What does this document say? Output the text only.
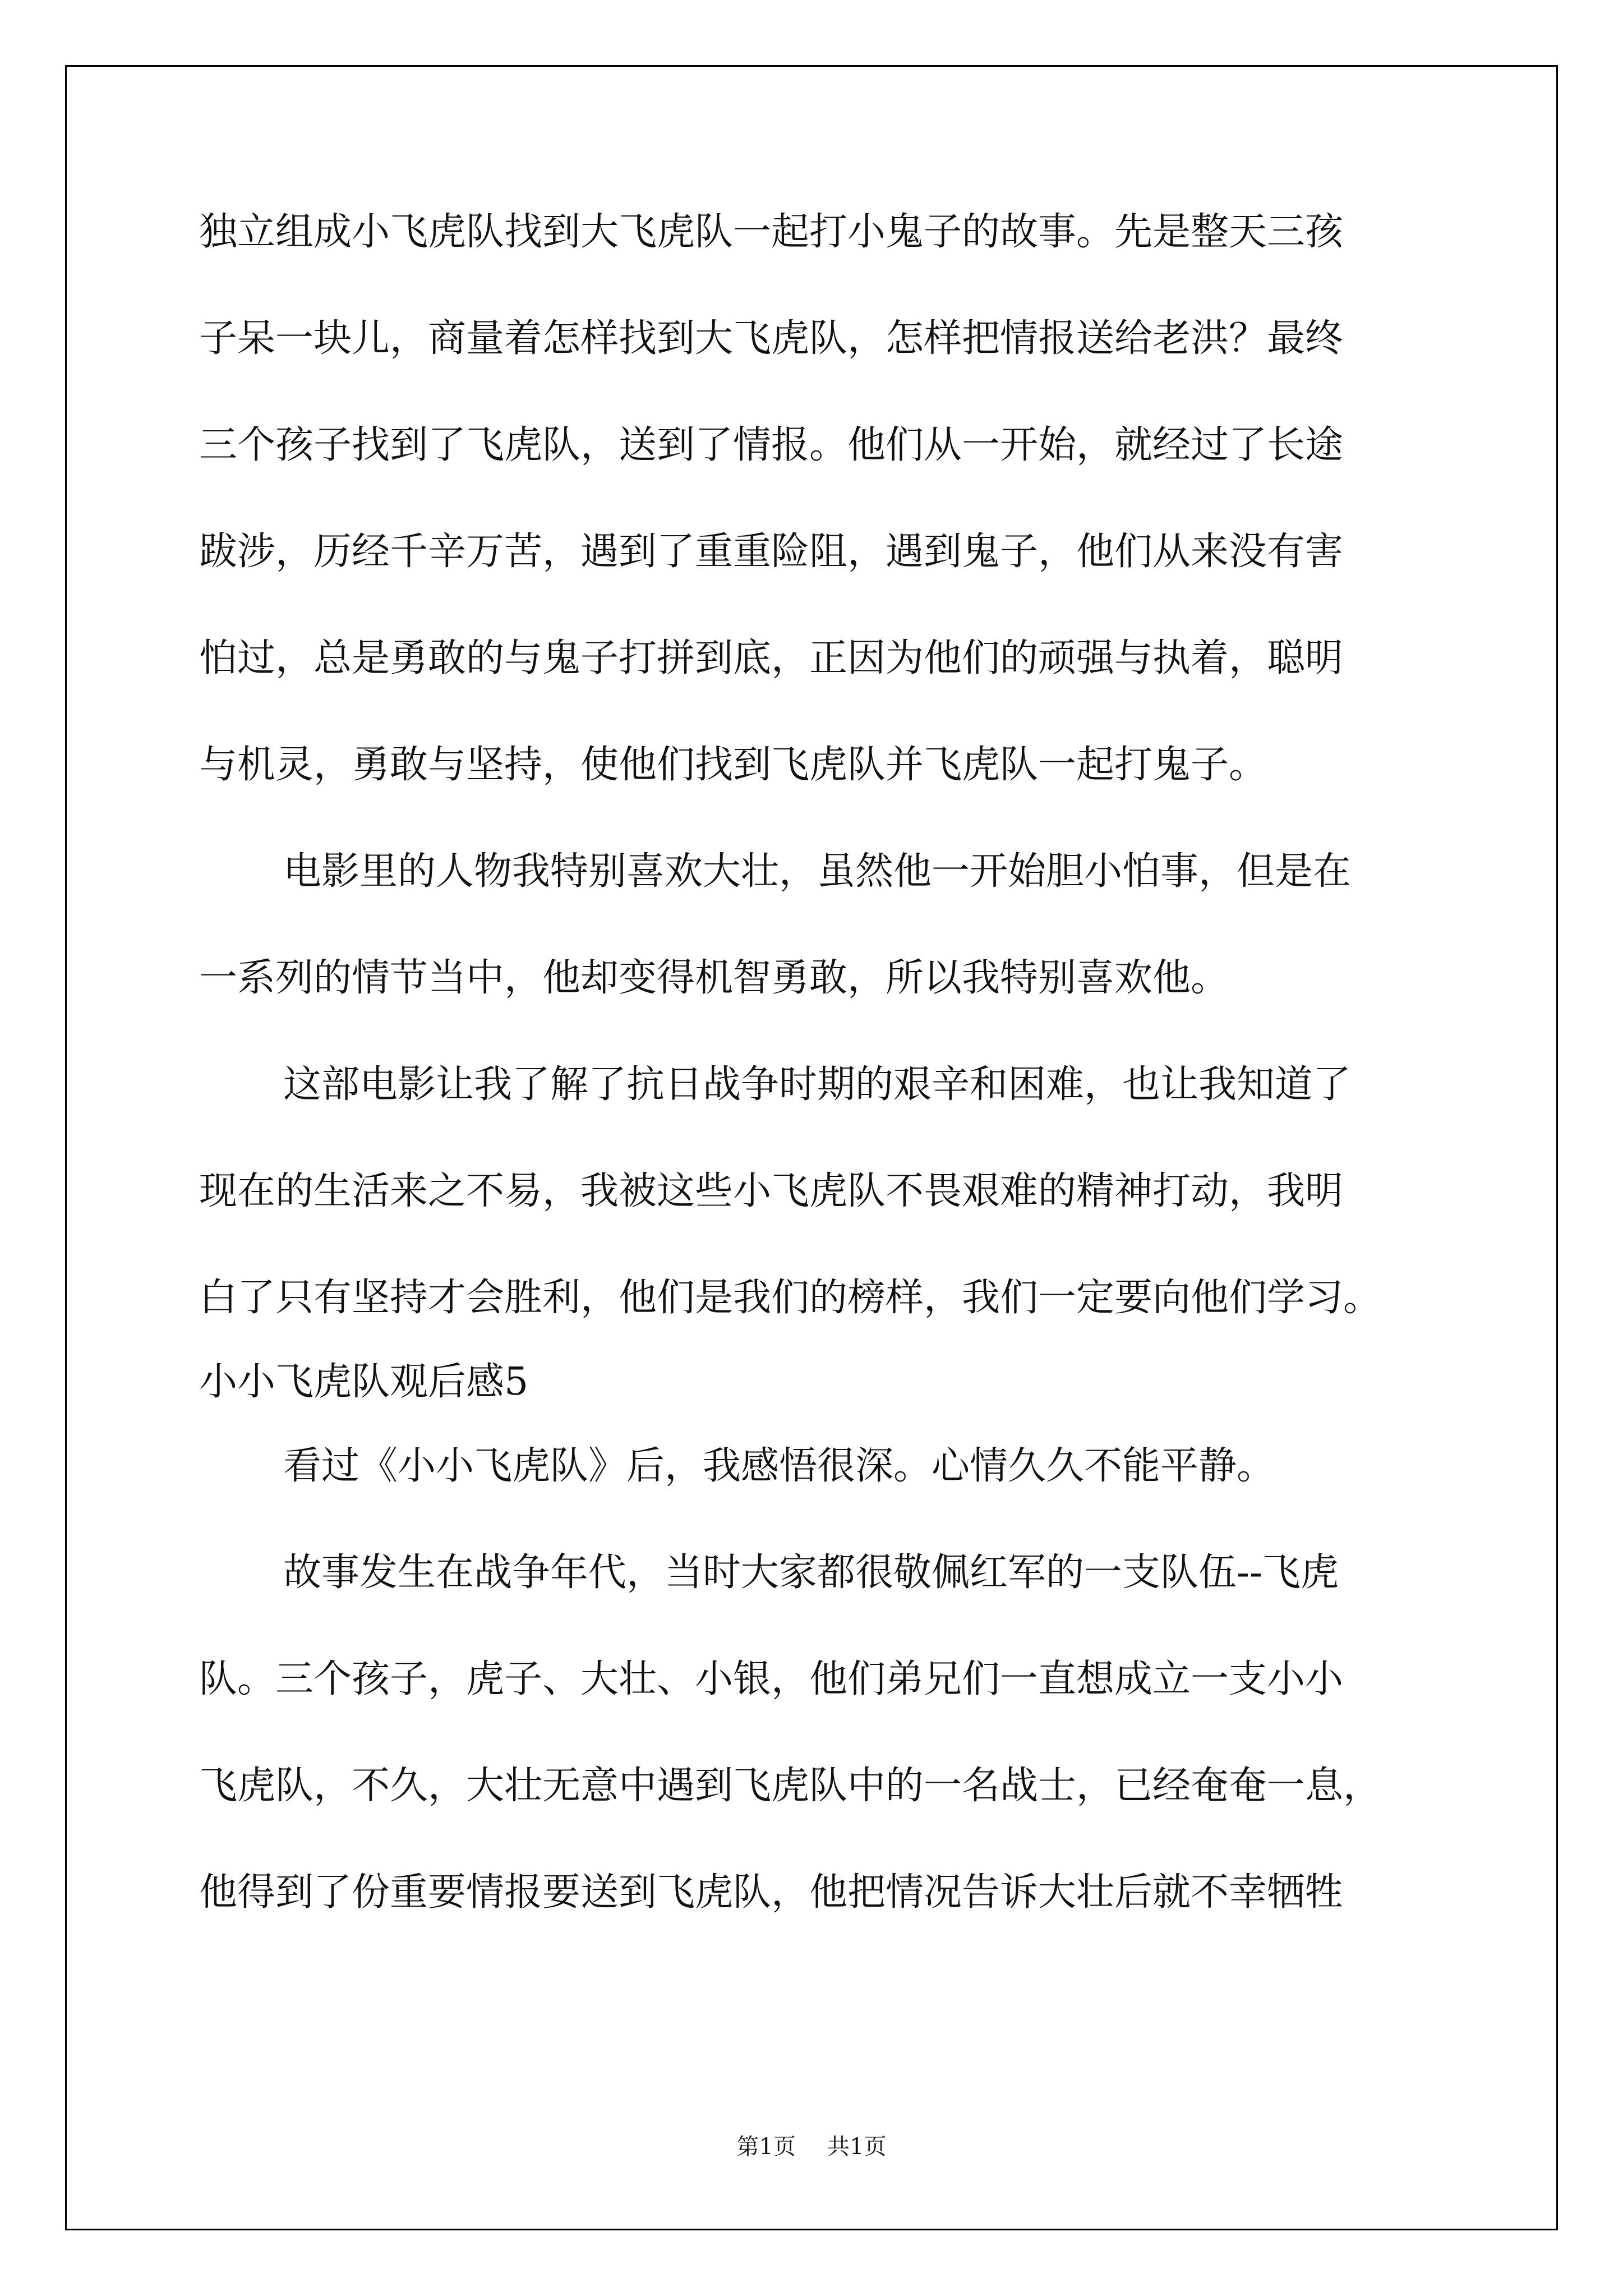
独立组成小飞虎队找到大飞虎队一起打小鬼子的故事。先是整天三孩
子呆一块儿，商量着怎样找到大飞虎队，怎样把情报送给老洪？最终
三个孩子找到了飞虎队，送到了情报。他们从一开始，就经过了长途
跋涉，历经千辛万苦，遇到了重重险阻，遇到鬼子，他们从来没有害
怕过，总是勇敢的与鬼子打拼到底，正因为他们的顽强与执着，聪明
与机灵，勇敢与坚持，使他们找到飞虎队并飞虎队一起打鬼子。
电影里的人物我特别喜欢大壮，虽然他一开始胆小怕事，但是在
一系列的情节当中，他却变得机智勇敢，所以我特别喜欢他。
这部电影让我了解了抗日战争时期的艰辛和困难，也让我知道了
现在的生活来之不易，我被这些小飞虎队不畏艰难的精神打动，我明
白了只有坚持才会胜利，他们是我们的榜样，我们一定要向他们学习。
小小飞虎队观后感5
看过《小小飞虎队》后，我感悟很深。心情久久不能平静。
故事发生在战争年代，当时大家都很敬佩红军的一支队伍--飞虎
队。三个孩子，虎子、大壮、小银，他们弟兄们一直想成立一支小小
飞虎队，不久，大壮无意中遇到飞虎队中的一名战士，已经奄奄一息，
他得到了份重要情报要送到飞虎队，他把情况告诉大壮后就不幸牺牲
第1页 共1页
